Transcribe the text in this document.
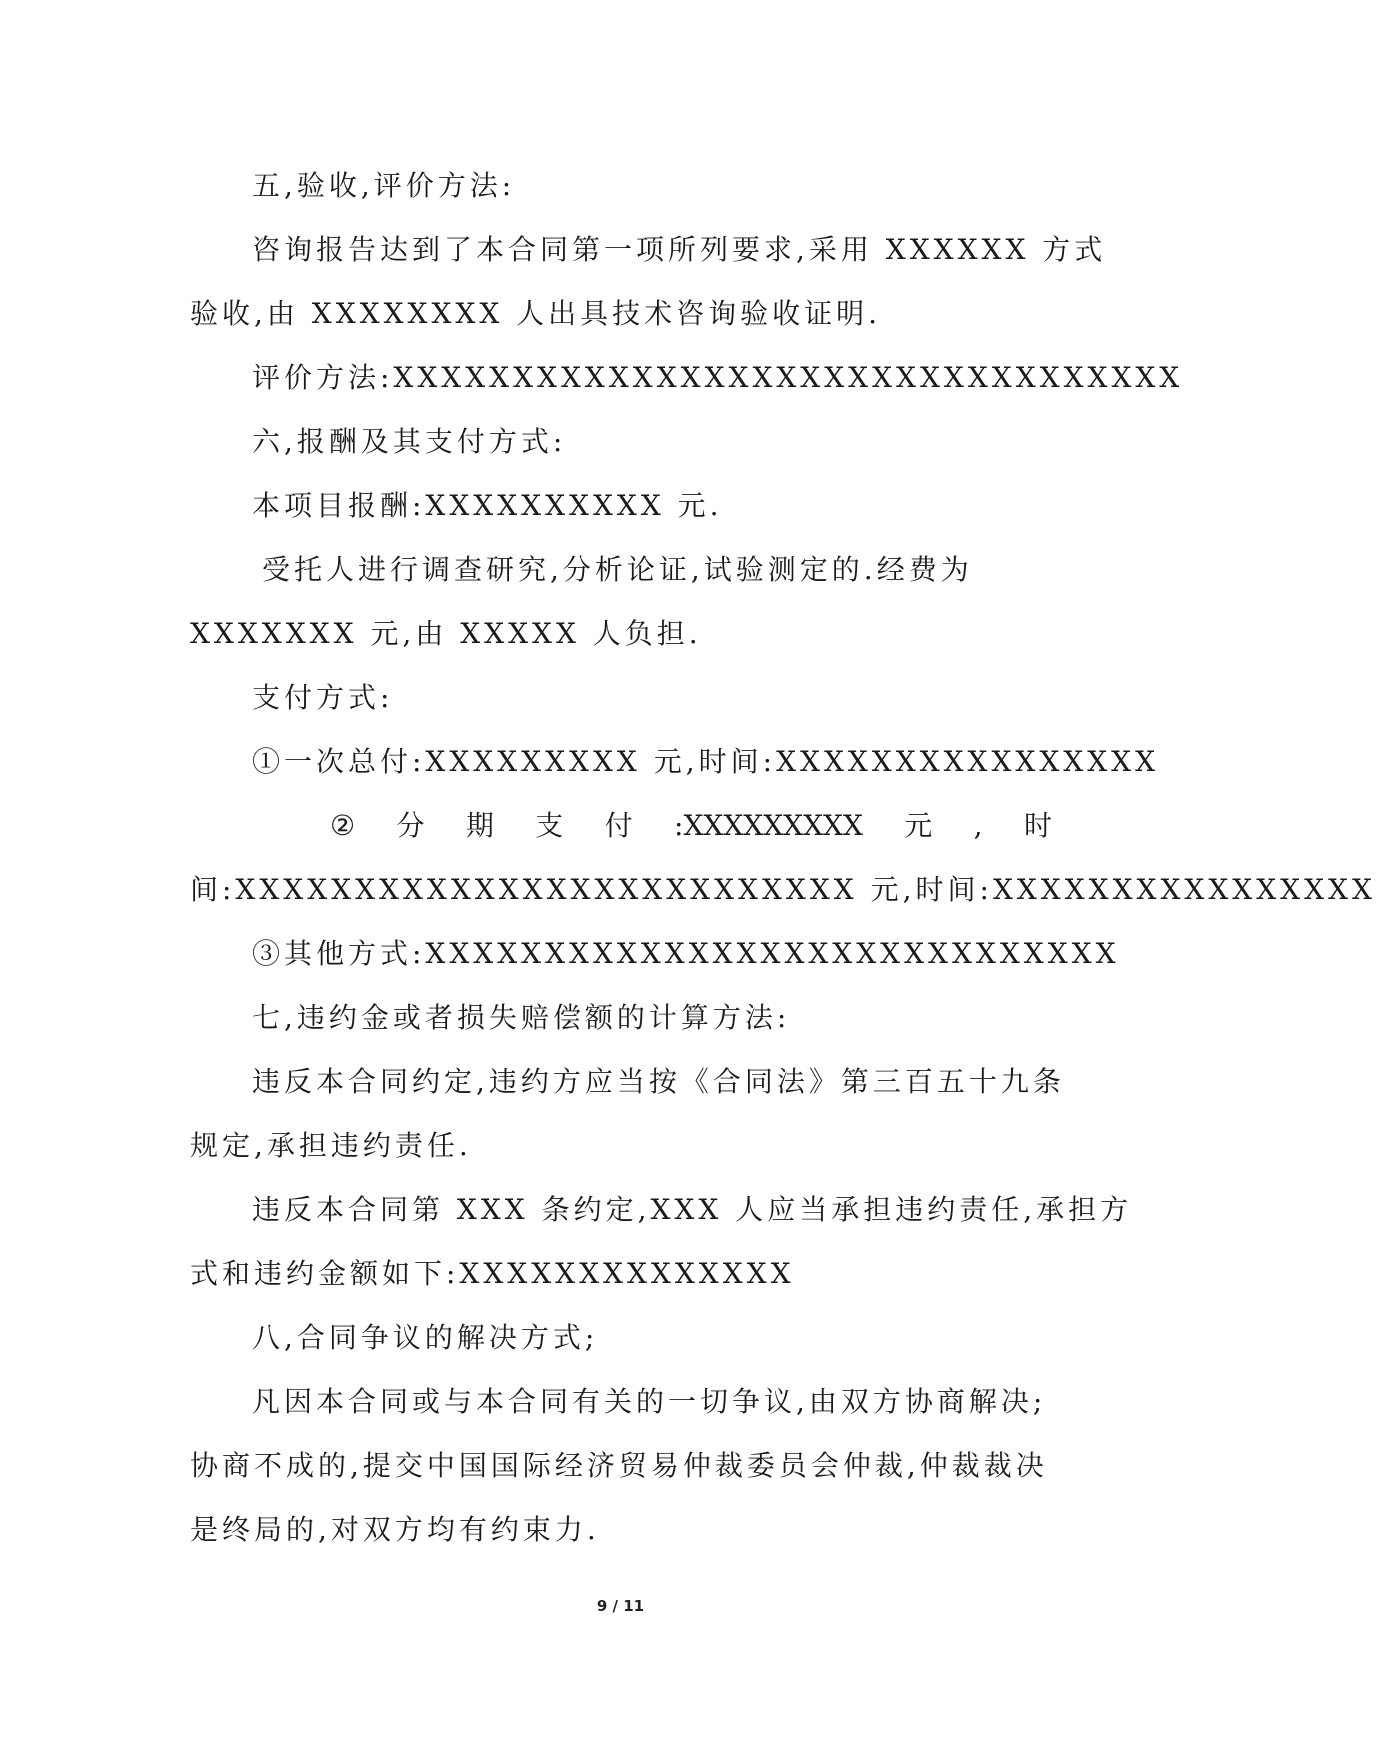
五,验收,评价方法:
咨询报告达到了本合同第一项所列要求,采用 XXXXXX 方式
验收,由 XXXXXXXX 人出具技术咨询验收证明.
评价方法:XXXXXXXXXXXXXXXXXXXXXXXXXXXXXXXXX
六,报酬及其支付方式:
本项目报酬:XXXXXXXXXX 元.
受托人进行调查研究,分析论证,试验测定的.经费为
XXXXXXX 元,由 XXXXX 人负担.
支付方式:
①一次总付:XXXXXXXXX 元,时间:XXXXXXXXXXXXXXXX
② 分 期 支 付 :XXXXXXXXX 元 , 时
间:XXXXXXXXXXXXXXXXXXXXXXXXXX 元,时间:XXXXXXXXXXXXXXXX
③其他方式:XXXXXXXXXXXXXXXXXXXXXXXXXXXXX
七,违约金或者损失赔偿额的计算方法:
违反本合同约定,违约方应当按《合同法》第三百五十九条
规定,承担违约责任.
违反本合同第 XXX 条约定,XXX 人应当承担违约责任,承担方
式和违约金额如下:XXXXXXXXXXXXXX
八,合同争议的解决方式;
凡因本合同或与本合同有关的一切争议,由双方协商解决;
协商不成的,提交中国国际经济贸易仲裁委员会仲裁,仲裁裁决
是终局的,对双方均有约束力.
9 / 11
